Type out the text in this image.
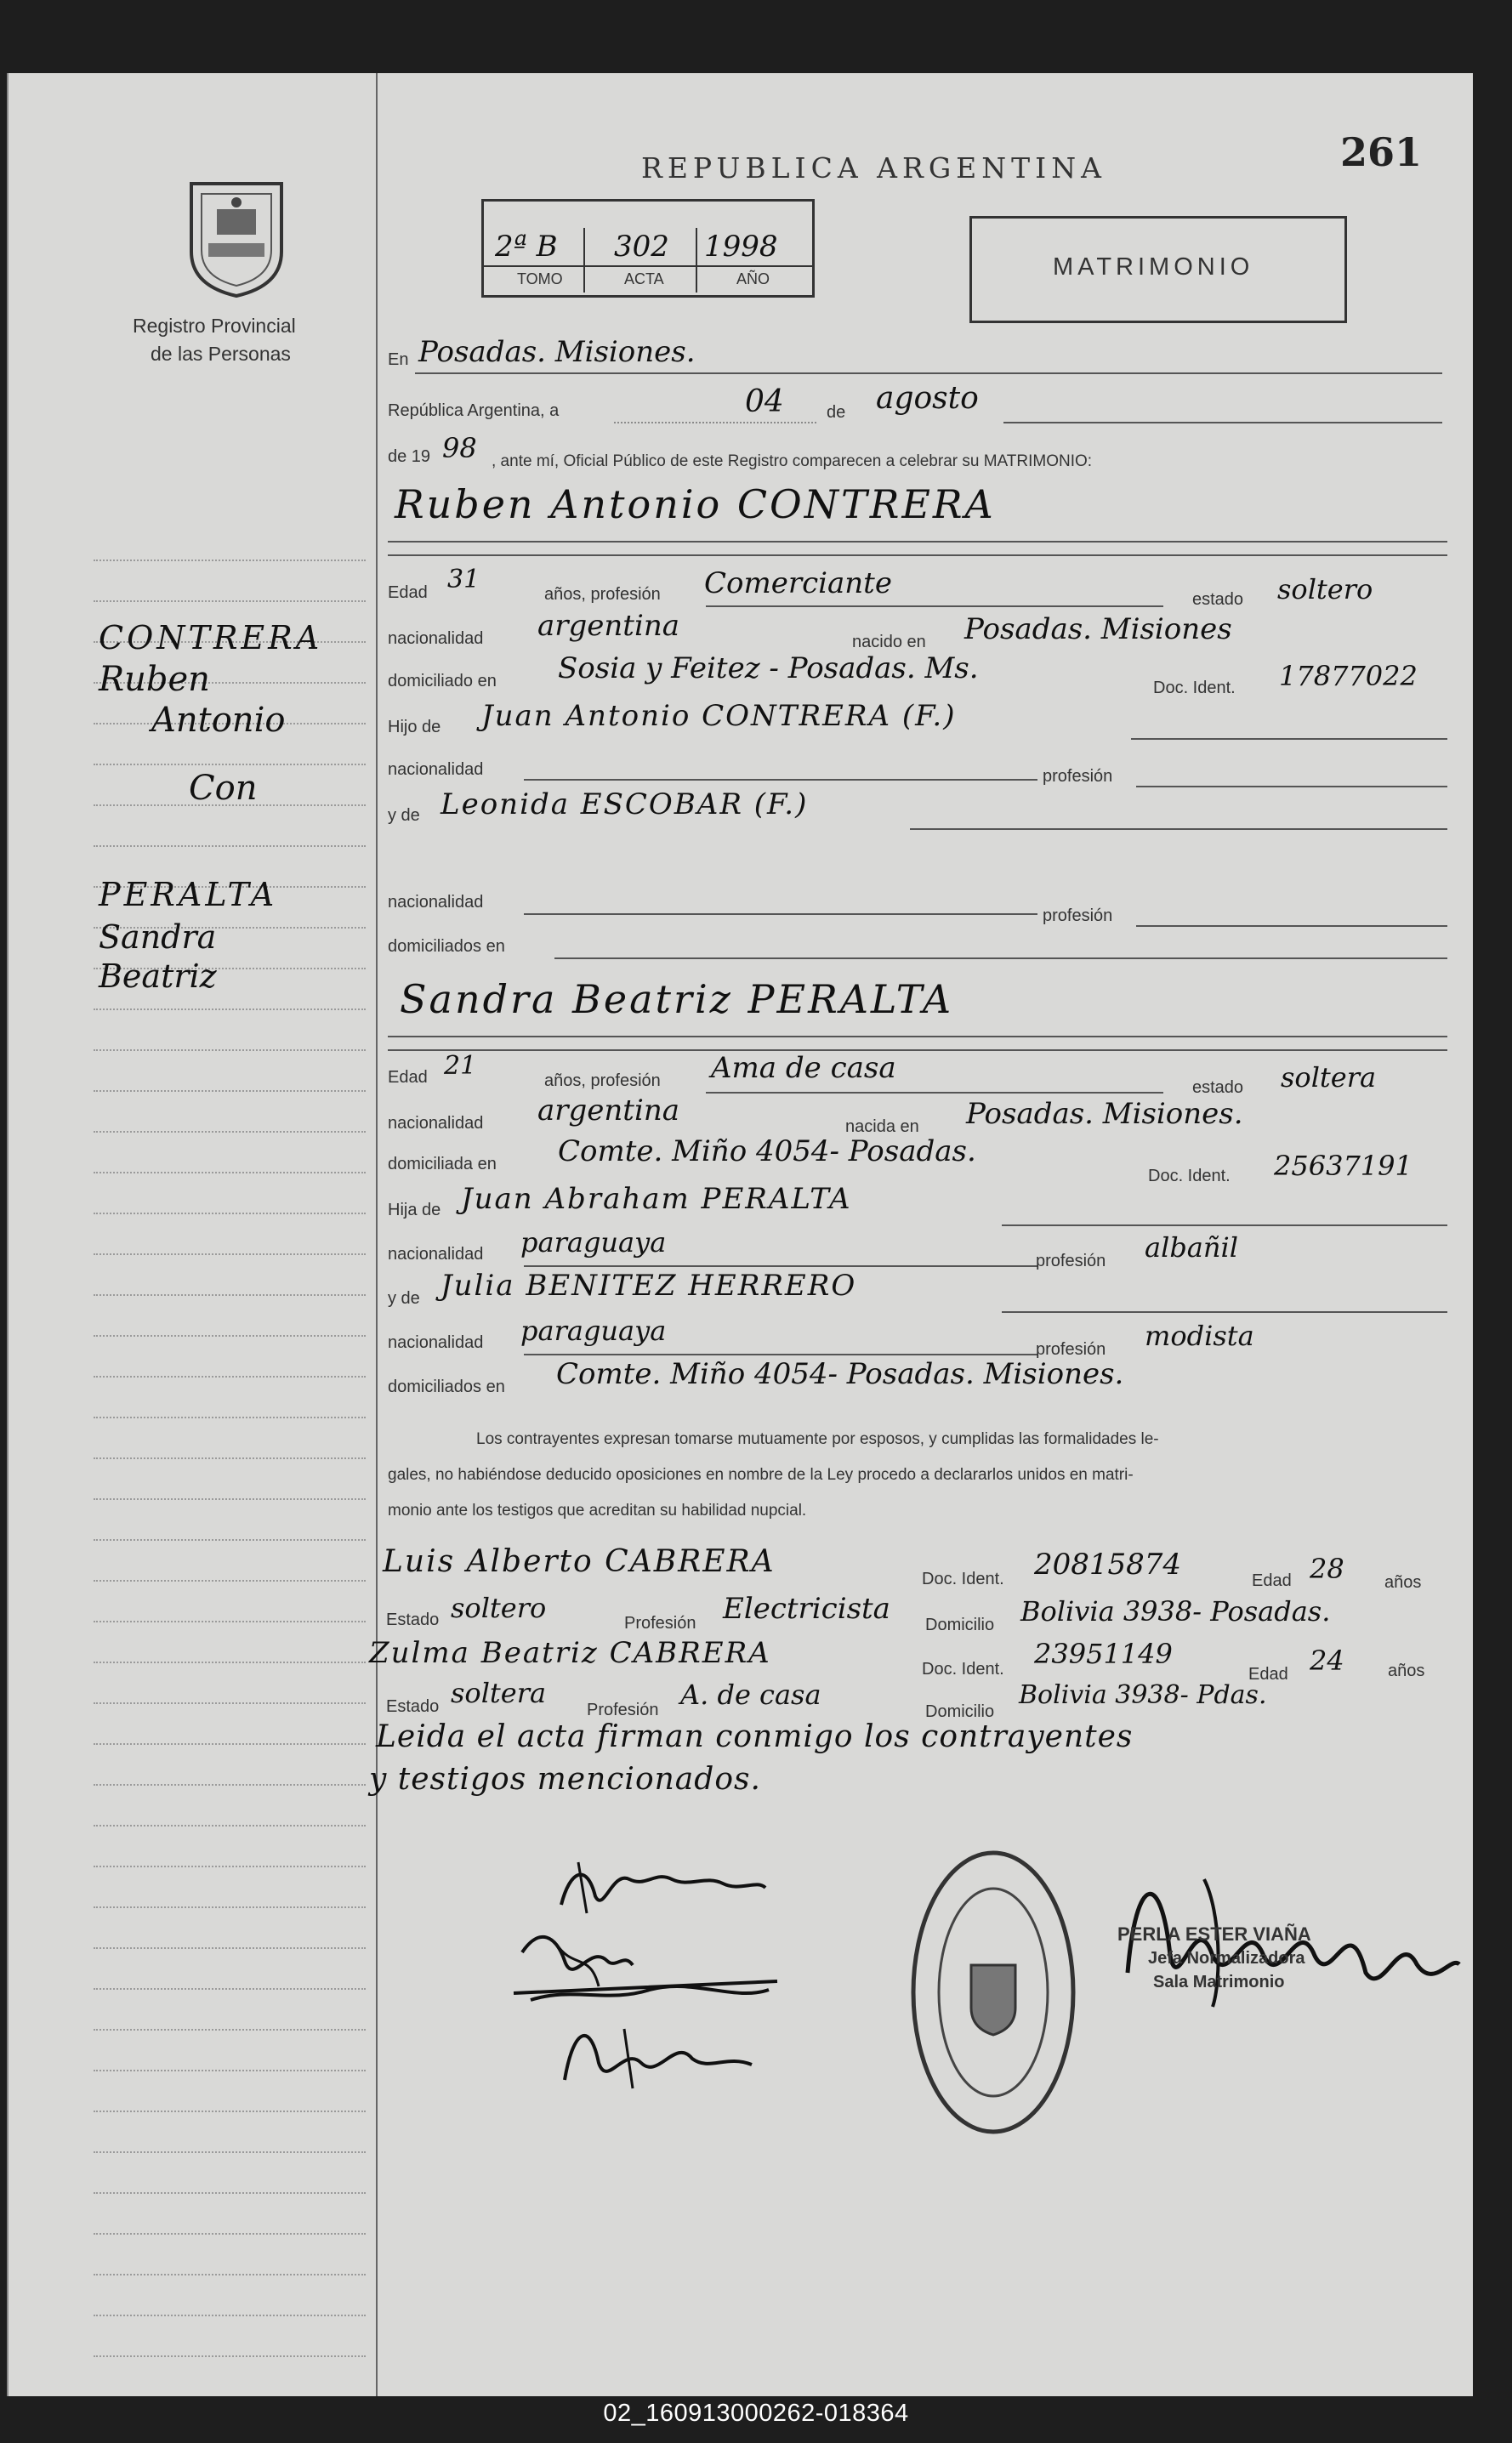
Registro Provincial
de las Personas
REPUBLICA ARGENTINA	261
2ª B 302 1998
TOMO	ACTA	AÑO	MATRIMONIO
En Posadas. Misiones.
República Argentina, a	04	de agosto
de 19 98 , ante mí, Oficial Público de este Registro comparecen a celebrar su MATRIMONIO:
Ruben Antonio CONTRERA
Edad 31	años, profesión Comerciante	estado soltero
nacionalidad argentina	nacido en Posadas. Misiones
domiciliado en Sosia y Feitez - Posadas. Ms.
Doc. Ident. 17877022
Hijo de Juan Antonio CONTRERA (F.)
nacionalidad	profesión
y de Leonida ESCOBAR (F.)
nacionalidad
profesión
domiciliados en
Sandra Beatriz PERALTA
Edad 21	años, profesión Ama de casa
estado soltera
nacionalidad argentina	nacida en Posadas. Misiones.
domiciliada en Comte. Miño 4054- Posadas.
Doc. Ident. 25637191
Hija de Juan Abraham PERALTA
nacionalidad paraguaya
profesión albañil
y de Julia BENITEZ HERRERO
nacionalidad paraguaya
profesión modista
domiciliados en Comte. Miño 4054- Posadas. Misiones.
Los contrayentes expresan tomarse mutuamente por esposos, y cumplidas las formalidades le-
gales, no habiéndose deducido oposiciones en nombre de la Ley procedo a declararlos unidos en matri-
monio ante los testigos que acreditan su habilidad nupcial.
Luis Alberto CABRERA	Doc. Ident. 20815874	Edad 28 años
Estado soltero	Profesión Electricista Domicilio Bolivia 3938- Posadas.
Zulma Beatriz CABRERA	Doc. Ident. 23951149
Edad 24	años
Estado soltera
Profesión A. de casa
Domicilio
Bolivia 3938- Pdas.
Leida el acta firman conmigo los contrayentes
y testigos mencionados.
PERLA ESTER VIAÑA
Jefa Normalizadora
Sala Matrimonio
CONTRERA
Ruben
Antonio
Con
PERALTA
Sandra
Beatriz
02_160913000262-018364
